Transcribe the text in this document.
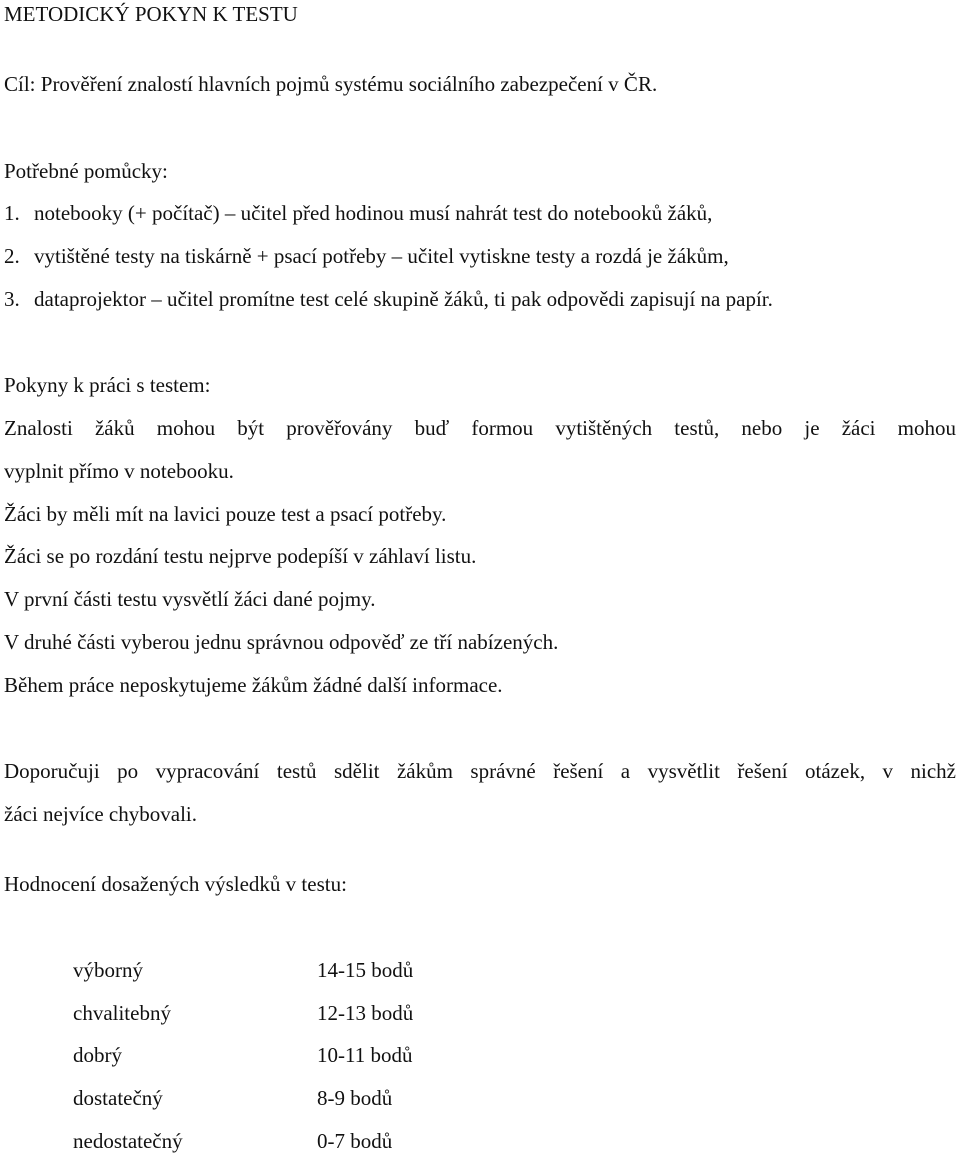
METODICKÝ POKYN K TESTU
Cíl: Prověření znalostí hlavních pojmů systému sociálního zabezpečení v ČR.
Potřebné pomůcky:
1. notebooky (+ počítač) – učitel před hodinou musí nahrát test do notebooků žáků,
2. vytištěné testy na tiskárně + psací potřeby – učitel vytiskne testy a rozdá je žákům,
3. dataprojektor – učitel promítne test celé skupině žáků, ti pak odpovědi zapisují na papír.
Pokyny k práci s testem:
Znalosti žáků mohou být prověřovány buď formou vytištěných testů, nebo je žáci mohou
vyplnit přímo v notebooku.
Žáci by měli mít na lavici pouze test a psací potřeby.
Žáci se po rozdání testu nejprve podepíší v záhlaví listu.
V první části testu vysvětlí žáci dané pojmy.
V druhé části vyberou jednu správnou odpověď ze tří nabízených.
Během práce neposkytujeme žákům žádné další informace.
Doporučuji po vypracování testů sdělit žákům správné řešení a vysvětlit řešení otázek, v nichž
žáci nejvíce chybovali.
Hodnocení dosažených výsledků v testu:
výborný	14-15 bodů
chvalitebný	12-13 bodů
dobrý	10-11 bodů
dostatečný	8-9 bodů
nedostatečný	0-7 bodů
